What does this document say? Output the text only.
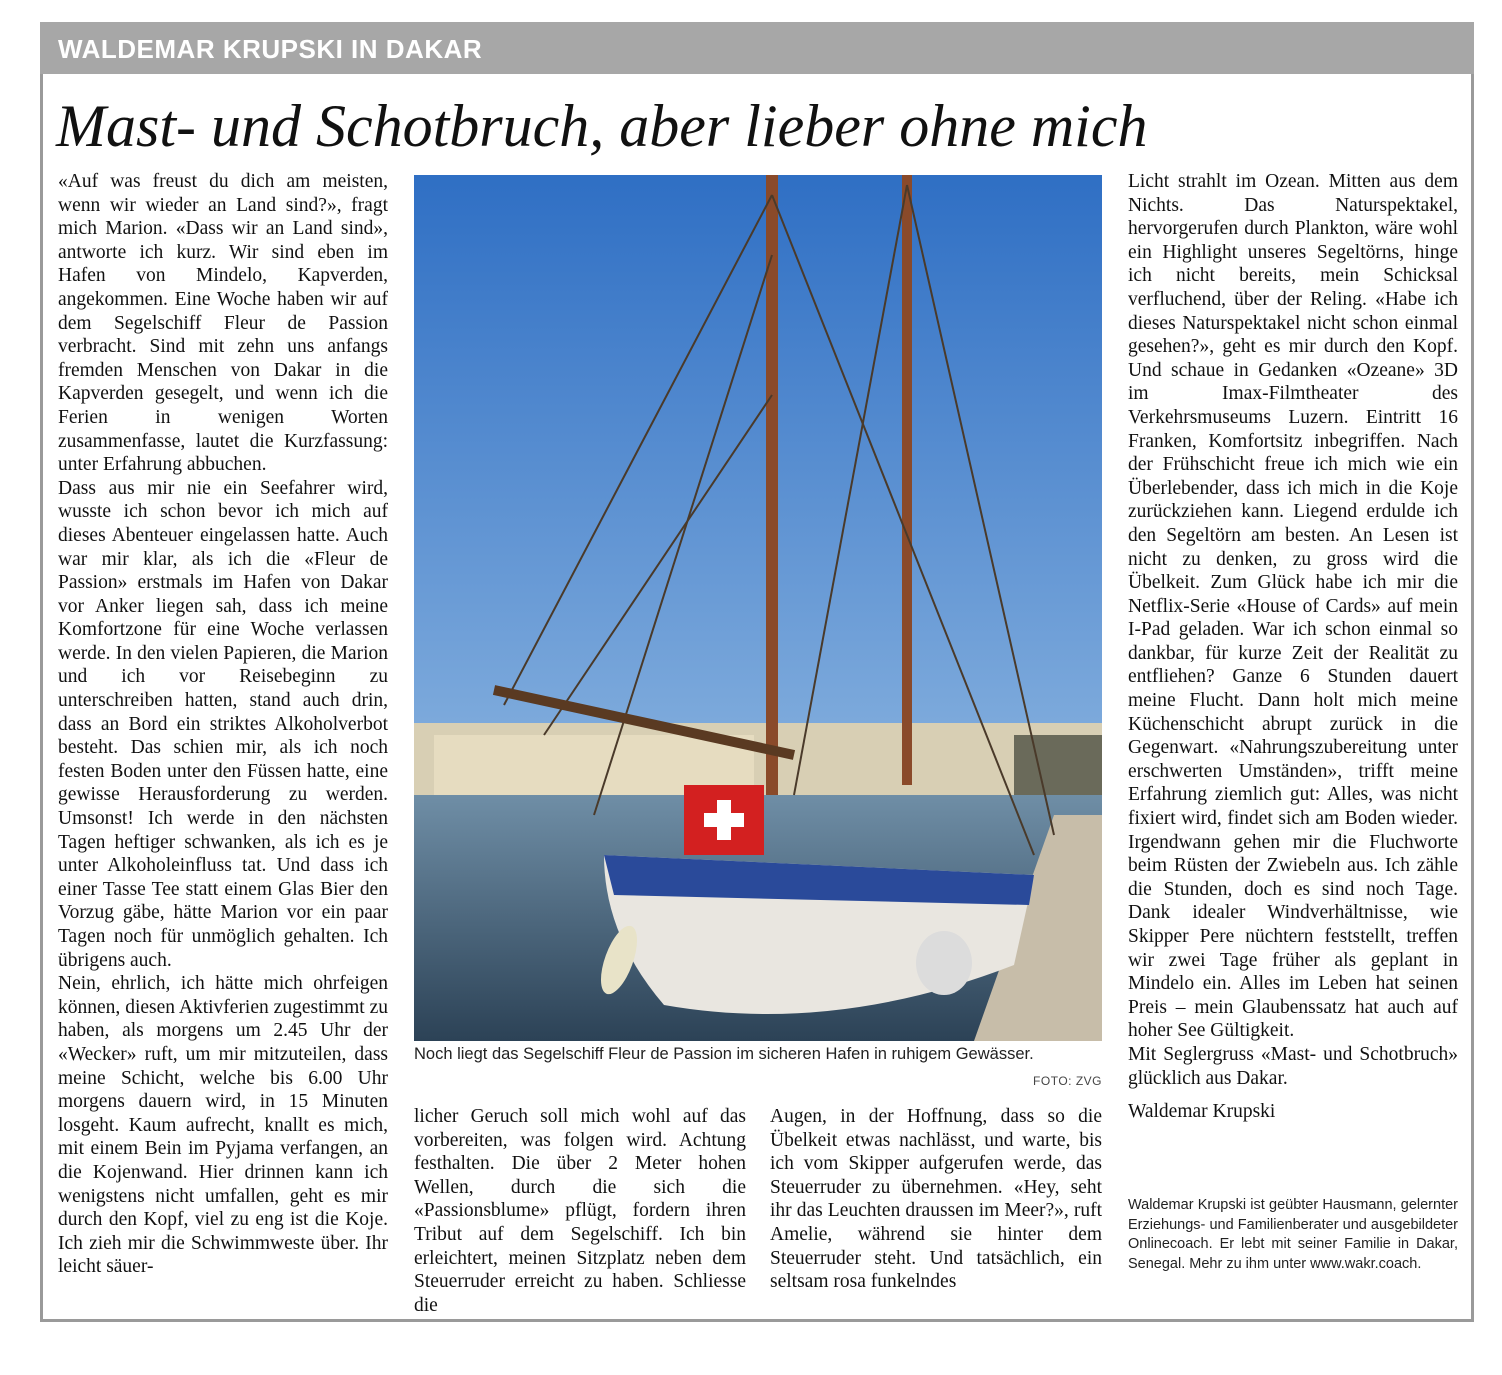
WALDEMAR KRUPSKI IN DAKAR
Mast- und Schotbruch, aber lieber ohne mich

«Auf was freust du dich am meisten, wenn wir wieder an Land sind?», fragt mich Marion. «Dass wir an Land sind», antworte ich kurz. Wir sind eben im Hafen von Mindelo, Kapverden, angekommen. Eine Woche haben wir auf dem Segelschiff Fleur de Passion verbracht. Sind mit zehn uns anfangs fremden Menschen von Dakar in die Kapverden gesegelt, und wenn ich die Ferien in wenigen Worten zusammenfasse, lautet die Kurzfassung: unter Erfahrung abbuchen.

Dass aus mir nie ein Seefahrer wird, wusste ich schon bevor ich mich auf dieses Abenteuer eingelassen hatte. Auch war mir klar, als ich die «Fleur de Passion» erstmals im Hafen von Dakar vor Anker liegen sah, dass ich meine Komfortzone für eine Woche verlassen werde. In den vielen Papieren, die Marion und ich vor Reisebeginn zu unterschreiben hatten, stand auch drin, dass an Bord ein striktes Alkoholverbot besteht. Das schien mir, als ich noch festen Boden unter den Füssen hatte, eine gewisse Herausforderung zu werden. Umsonst! Ich werde in den nächsten Tagen heftiger schwanken, als ich es je unter Alkoholeinfluss tat. Und dass ich einer Tasse Tee statt einem Glas Bier den Vorzug gäbe, hätte Marion vor ein paar Tagen noch für unmöglich gehalten. Ich übrigens auch.

Nein, ehrlich, ich hätte mich ohrfeigen können, diesen Aktivferien zugestimmt zu haben, als morgens um 2.45 Uhr der «Wecker» ruft, um mir mitzuteilen, dass meine Schicht, welche bis 6.00 Uhr morgens dauern wird, in 15 Minuten losgeht. Kaum aufrecht, knallt es mich, mit einem Bein im Pyjama verfangen, an die Kojenwand. Hier drinnen kann ich wenigstens nicht umfallen, geht es mir durch den Kopf, viel zu eng ist die Koje. Ich zieh mir die Schwimmweste über. Ihr leicht säuer-

Noch liegt das Segelschiff Fleur de Passion im sicheren Hafen in ruhigem Gewässer.
FOTO: ZVG
licher Geruch soll mich wohl auf das vorbereiten, was folgen wird. Achtung festhalten. Die über 2 Meter hohen Wellen, durch die sich die «Passionsblume» pflügt, fordern ihren Tribut auf dem Segelschiff. Ich bin erleichtert, meinen Sitzplatz neben dem Steuerruder erreicht zu haben. Schliesse die
Augen, in der Hoffnung, dass so die Übelkeit etwas nachlässt, und warte, bis ich vom Skipper aufgerufen werde, das Steuerruder zu übernehmen. «Hey, seht ihr das Leuchten draussen im Meer?», ruft Amelie, während sie hinter dem Steuerruder steht. Und tatsächlich, ein seltsam rosa funkelndes

Licht strahlt im Ozean. Mitten aus dem Nichts. Das Naturspektakel, hervorgerufen durch Plankton, wäre wohl ein Highlight unseres Segeltörns, hinge ich nicht bereits, mein Schicksal verfluchend, über der Reling. «Habe ich dieses Naturspektakel nicht schon einmal gesehen?», geht es mir durch den Kopf. Und schaue in Gedanken «Ozeane» 3D im Imax-Filmtheater des Verkehrsmuseums Luzern. Eintritt 16 Franken, Komfortsitz inbegriffen. Nach der Frühschicht freue ich mich wie ein Überlebender, dass ich mich in die Koje zurückziehen kann. Liegend erdulde ich den Segeltörn am besten. An Lesen ist nicht zu denken, zu gross wird die Übelkeit. Zum Glück habe ich mir die Netflix-Serie «House of Cards» auf mein I-Pad geladen. War ich schon einmal so dankbar, für kurze Zeit der Realität zu entfliehen? Ganze 6 Stunden dauert meine Flucht. Dann holt mich meine Küchenschicht abrupt zurück in die Gegenwart. «Nahrungszubereitung unter erschwerten Umständen», trifft meine Erfahrung ziemlich gut: Alles, was nicht fixiert wird, findet sich am Boden wieder. Irgendwann gehen mir die Fluchworte beim Rüsten der Zwiebeln aus. Ich zähle die Stunden, doch es sind noch Tage. Dank idealer Windverhältnisse, wie Skipper Pere nüchtern feststellt, treffen wir zwei Tage früher als geplant in Mindelo ein. Alles im Leben hat seinen Preis – mein Glaubenssatz hat auch auf hoher See Gültigkeit.

Mit Seglergruss «Mast- und Schotbruch» glücklich aus Dakar.

Waldemar Krupski

Waldemar Krupski ist geübter Hausmann, gelernter Erziehungs- und Familienberater und ausgebildeter Onlinecoach. Er lebt mit seiner Familie in Dakar, Senegal. Mehr zu ihm unter www.wakr.coach.
